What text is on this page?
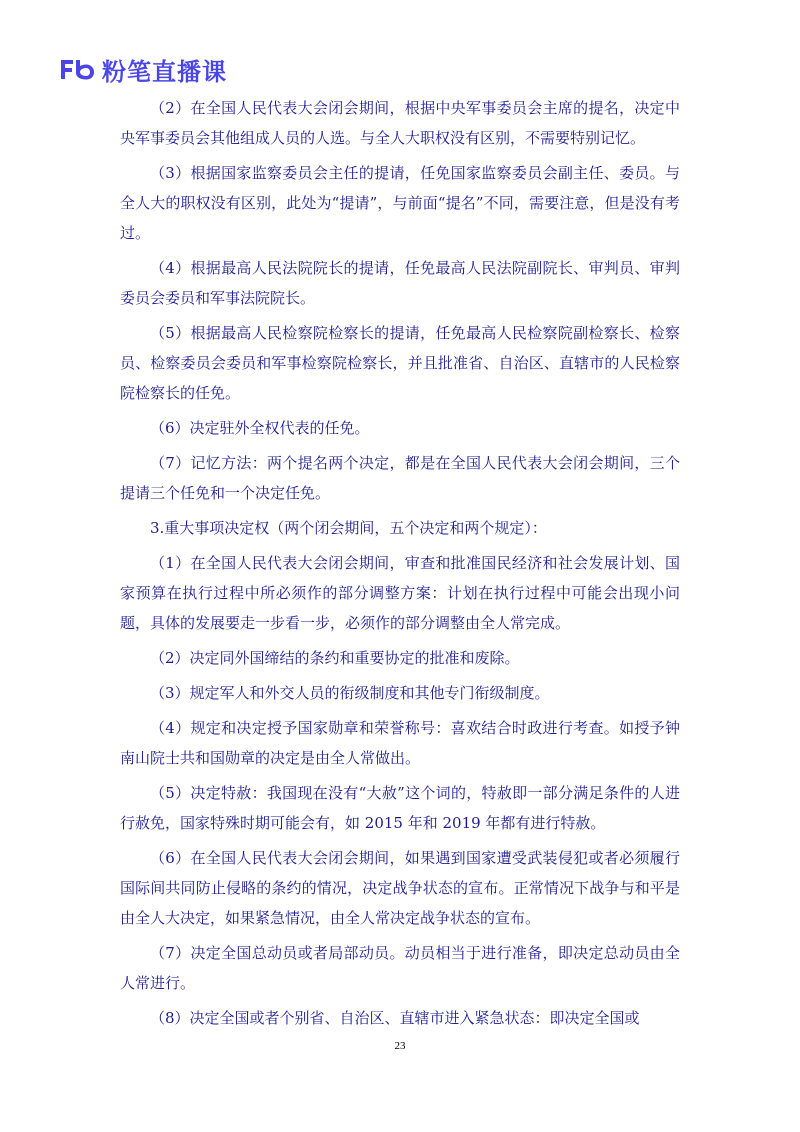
粉笔直播课

（2）在全国人民代表大会闭会期间，根据中央军事委员会主席的提名，决定中央军事委员会其他组成人员的人选。与全人大职权没有区别，不需要特别记忆。

（3）根据国家监察委员会主任的提请，任免国家监察委员会副主任、委员。与全人大的职权没有区别，此处为“提请”，与前面“提名”不同，需要注意，但是没有考过。

（4）根据最高人民法院院长的提请，任免最高人民法院副院长、审判员、审判委员会委员和军事法院院长。

（5）根据最高人民检察院检察长的提请，任免最高人民检察院副检察长、检察员、检察委员会委员和军事检察院检察长，并且批准省、自治区、直辖市的人民检察院检察长的任免。

（6）决定驻外全权代表的任免。

（7）记忆方法：两个提名两个决定，都是在全国人民代表大会闭会期间，三个提请三个任免和一个决定任免。

3.重大事项决定权（两个闭会期间，五个决定和两个规定）：

（1）在全国人民代表大会闭会期间，审查和批准国民经济和社会发展计划、国家预算在执行过程中所必须作的部分调整方案：计划在执行过程中可能会出现小问题，具体的发展要走一步看一步，必须作的部分调整由全人常完成。

（2）决定同外国缔结的条约和重要协定的批准和废除。

（3）规定军人和外交人员的衔级制度和其他专门衔级制度。

（4）规定和决定授予国家勋章和荣誉称号：喜欢结合时政进行考查。如授予钟南山院士共和国勋章的决定是由全人常做出。

（5）决定特赦：我国现在没有“大赦”这个词的，特赦即一部分满足条件的人进行赦免，国家特殊时期可能会有，如 2015 年和 2019 年都有进行特赦。

（6）在全国人民代表大会闭会期间，如果遇到国家遭受武装侵犯或者必须履行国际间共同防止侵略的条约的情况，决定战争状态的宣布。正常情况下战争与和平是由全人大决定，如果紧急情况，由全人常决定战争状态的宣布。

（7）决定全国总动员或者局部动员。动员相当于进行准备，即决定总动员由全人常进行。

（8）决定全国或者个别省、自治区、直辖市进入紧急状态：即决定全国或

23
